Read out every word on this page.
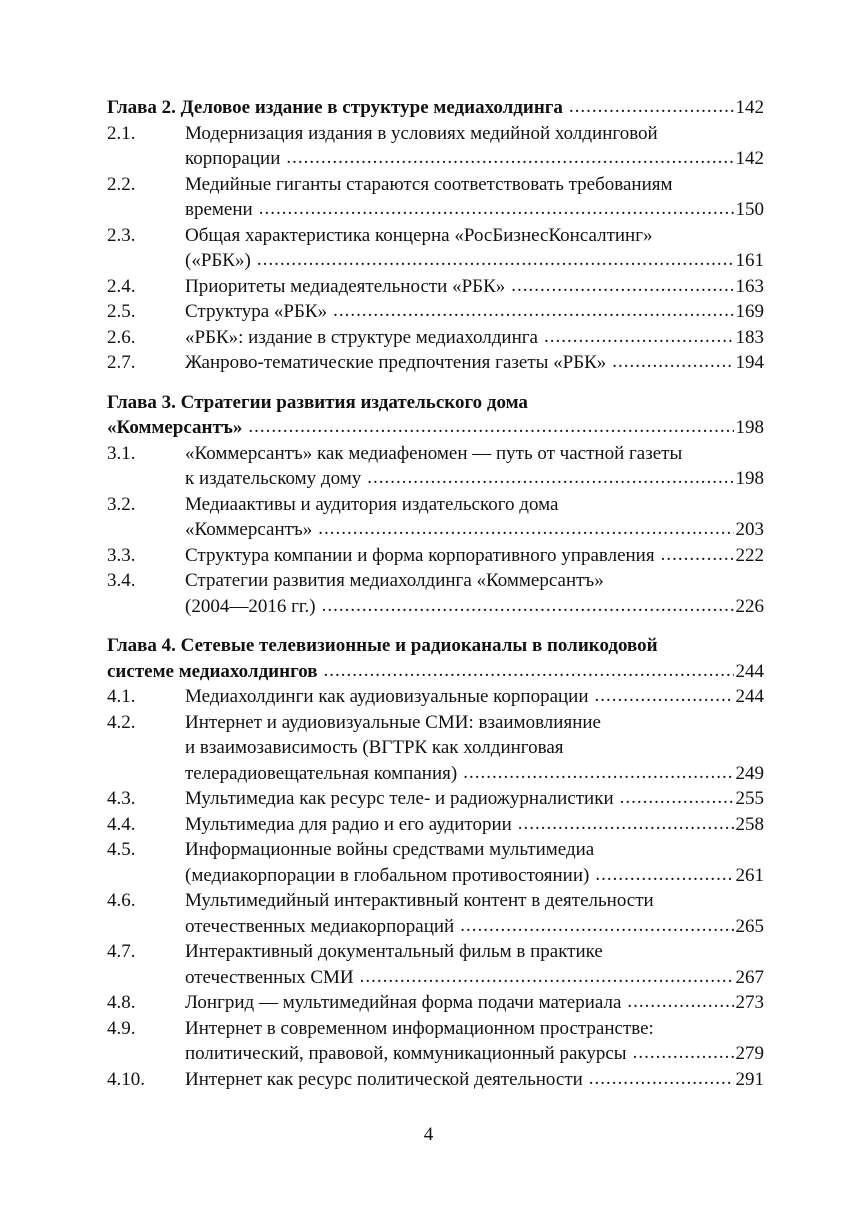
Глава 2. Деловое издание в структуре медиахолдинга .....	142
2.1.	Модернизация издания в условиях медийной холдинговой
корпорации .....	142
2.2.	Медийные гиганты стараются соответствовать требованиям
времени .....	150
2.3.	Общая характеристика концерна «РосБизнесКонсалтинг»
(«РБК») .....	161
2.4.	Приоритеты медиадеятельности «РБК» .....	163
2.5.	Структура «РБК» .....	169
2.6.	«РБК»: издание в структуре медиахолдинга .....	183
2.7.	Жанрово-тематические предпочтения газеты «РБК» .....	194
Глава 3. Стратегии развития издательского дома
«Коммерсантъ» .....	198
3.1.	«Коммерсантъ» как медиафеномен — путь от частной газеты
к издательскому дому .....	198
3.2.	Медиаактивы и аудитория издательского дома
«Коммерсантъ» .....	203
3.3.	Структура компании и форма корпоративного управления .....	222
3.4.	Стратегии развития медиахолдинга «Коммерсантъ»
(2004—2016 гг.) .....	226
Глава 4. Сетевые телевизионные и радиоканалы в поликодовой
системе медиахолдингов .....	244
4.1.	Медиахолдинги как аудиовизуальные корпорации .....	244
4.2.	Интернет и аудиовизуальные СМИ: взаимовлияние
и взаимозависимость (ВГТРК как холдинговая
телерадиовещательная компания) .....	249
4.3.	Мультимедиа как ресурс теле- и радиожурналистики .....	255
4.4.	Мультимедиа для радио и его аудитории .....	258
4.5.	Информационные войны средствами мультимедиа
(медиакорпорации в глобальном противостоянии) .....	261
4.6.	Мультимедийный интерактивный контент в деятельности
отечественных медиакорпораций .....	265
4.7.	Интерактивный документальный фильм в практике
отечественных СМИ .....	267
4.8.	Лонгрид — мультимедийная форма подачи материала .....	273
4.9.	Интернет в современном информационном пространстве:
политический, правовой, коммуникационный ракурсы .....	279
4.10.	Интернет как ресурс политической деятельности .....	291
4
